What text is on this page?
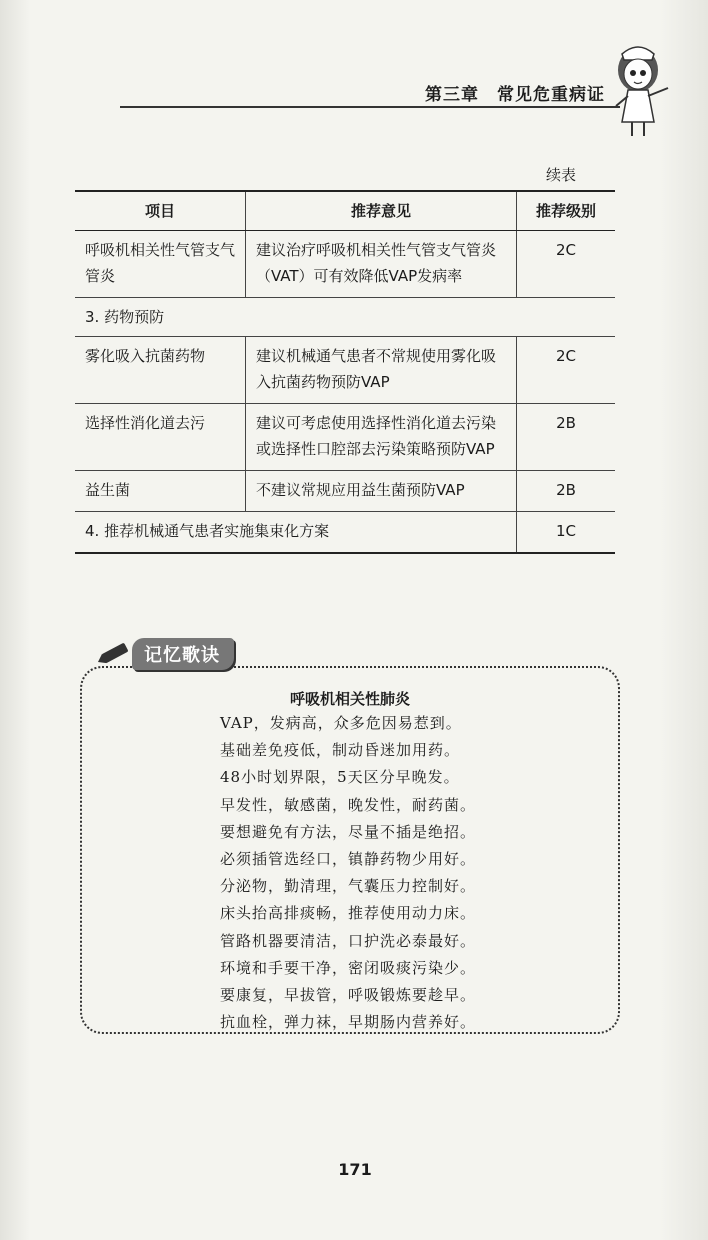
第三章　常见危重病证
续表
项目	推荐意见	推荐级别
呼吸机相关性气管支气管炎	建议治疗呼吸机相关性气管支气管炎（VAT）可有效降低VAP发病率	2C
3. 药物预防		
雾化吸入抗菌药物	建议机械通气患者不常规使用雾化吸入抗菌药物预防VAP	2C
选择性消化道去污	建议可考虑使用选择性消化道去污染或选择性口腔部去污染策略预防VAP	2B
益生菌	不建议常规应用益生菌预防VAP	2B
4. 推荐机械通气患者实施集束化方案		1C
记忆歌诀
呼吸机相关性肺炎
VAP，发病高，众多危因易惹到。
基础差免疫低，制动昏迷加用药。
48小时划界限，5天区分早晚发。
早发性，敏感菌，晚发性，耐药菌。
要想避免有方法，尽量不插是绝招。
必须插管选经口，镇静药物少用好。
分泌物，勤清理，气囊压力控制好。
床头抬高排痰畅，推荐使用动力床。
管路机器要清洁，口护洗必泰最好。
环境和手要干净，密闭吸痰污染少。
要康复，早拔管，呼吸锻炼要趁早。
抗血栓，弹力袜，早期肠内营养好。
171
